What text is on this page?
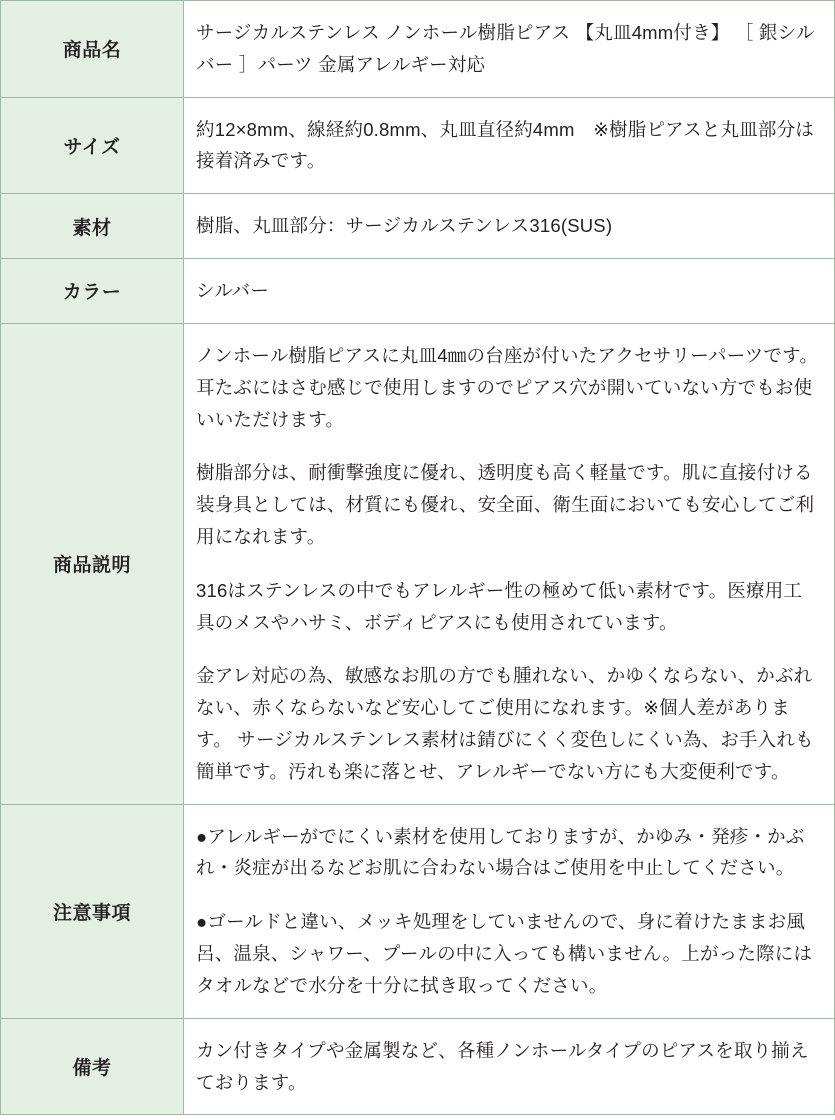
商品名	サージカルステンレス ノンホール樹脂ピアス 【丸皿4mm付き】 ［ 銀シルバー ］パーツ 金属アレルギー対応

サイズ	約12×8mm、線経約0.8mm、丸皿直径約4mm　※樹脂ピアスと丸皿部分は接着済みです。

素材	樹脂、丸皿部分：サージカルステンレス316(SUS)

カラー	シルバー

商品説明	ノンホール樹脂ピアスに丸皿4㎜の台座が付いたアクセサリーパーツです。耳たぶにはさむ感じで使用しますのでピアス穴が開いていない方でもお使いいただけます。

樹脂部分は、耐衝撃強度に優れ、透明度も高く軽量です。肌に直接付ける装身具としては、材質にも優れ、安全面、衛生面においても安心してご利用になれます。

316はステンレスの中でもアレルギー性の極めて低い素材です。医療用工具のメスやハサミ、ボディピアスにも使用されています。

金アレ対応の為、敏感なお肌の方でも腫れない、かゆくならない、かぶれない、赤くならないなど安心してご使用になれます。※個人差があります。 サージカルステンレス素材は錆びにくく変色しにくい為、お手入れも簡単です。汚れも楽に落とせ、アレルギーでない方にも大変便利です。

注意事項	●アレルギーがでにくい素材を使用しておりますが、かゆみ・発疹・かぶれ・炎症が出るなどお肌に合わない場合はご使用を中止してください。

●ゴールドと違い、メッキ処理をしていませんので、身に着けたままお風呂、温泉、シャワー、プールの中に入っても構いません。上がった際にはタオルなどで水分を十分に拭き取ってください。

備考	カン付きタイプや金属製など、各種ノンホールタイプのピアスを取り揃えております。
